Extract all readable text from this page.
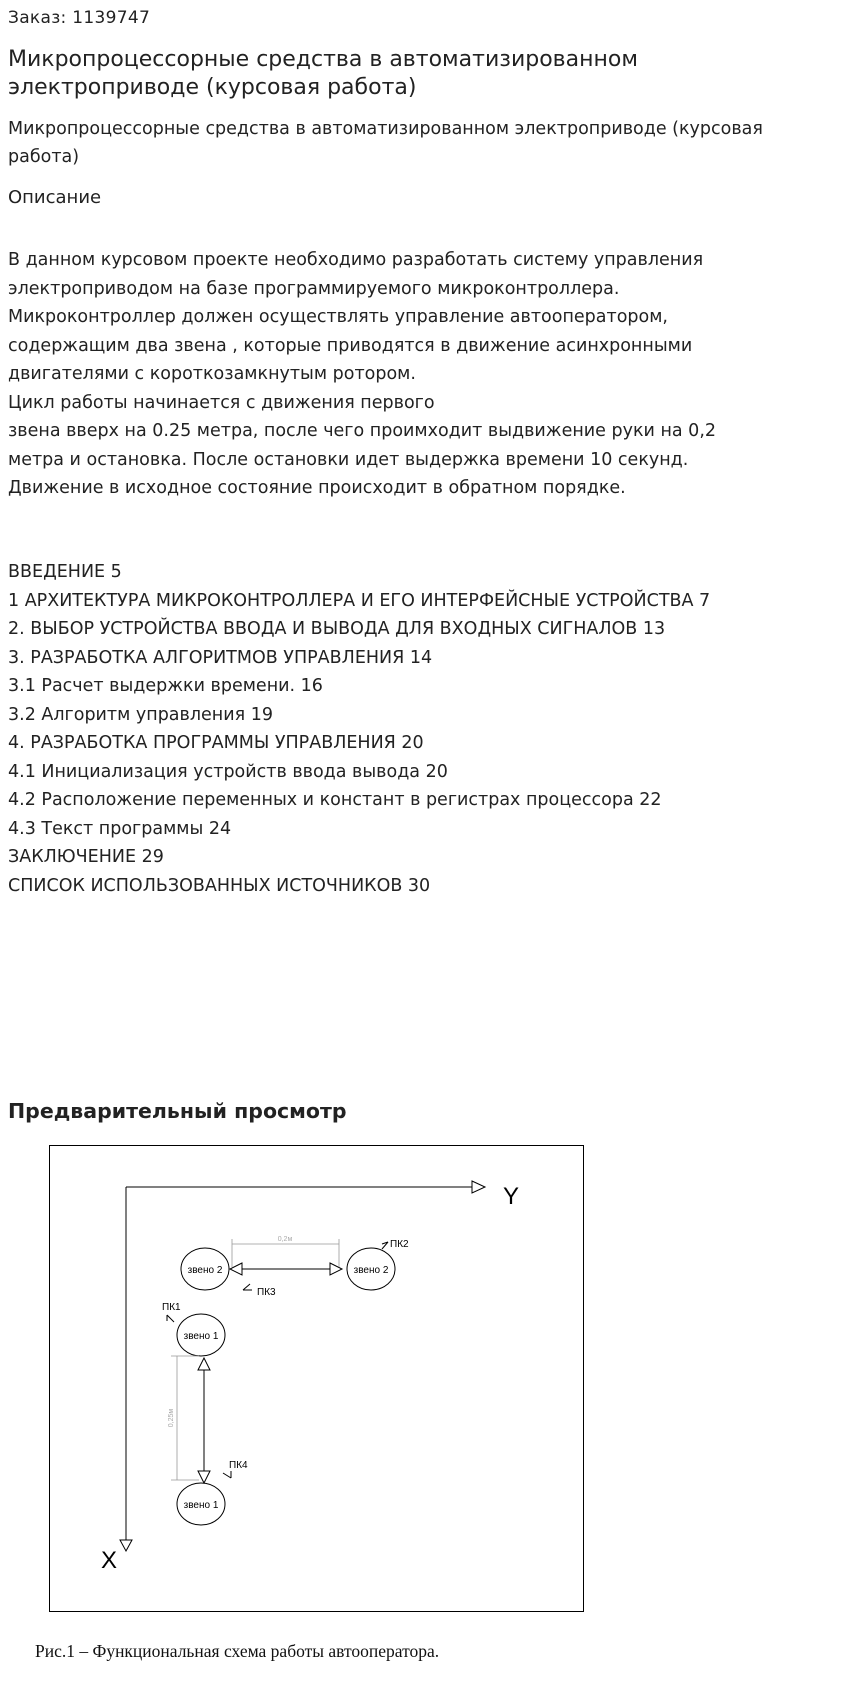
Заказ: 1139747
Микропроцессорные средства в автоматизированном электроприводе (курсовая работа)
Микропроцессорные средства в автоматизированном электроприводе (курсовая работа)
Описание
В данном курсовом проекте необходимо разработать систему управления
электроприводом на базе программируемого микроконтроллера.
Микроконтроллер должен осуществлять управление автооператором,
содержащим два звена , которые приводятся в движение асинхронными
двигателями с короткозамкнутым ротором.
Цикл работы начинается с движения первого
звена вверх на 0.25 метра, после чего проимходит выдвижение руки на 0,2
метра и остановка. После остановки идет выдержка времени 10 секунд.
Движение в исходное состояние происходит в обратном порядке.
ВВЕДЕНИЕ 5
1 АРХИТЕКТУРА МИКРОКОНТРОЛЛЕРА И ЕГО ИНТЕРФЕЙСНЫЕ УСТРОЙСТВА 7
2. ВЫБОР УСТРОЙСТВА ВВОДА И ВЫВОДА ДЛЯ ВХОДНЫХ СИГНАЛОВ 13
3. РАЗРАБОТКА АЛГОРИТМОВ УПРАВЛЕНИЯ 14
3.1 Расчет выдержки времени. 16
3.2 Алгоритм управления 19
4. РАЗРАБОТКА ПРОГРАММЫ УПРАВЛЕНИЯ 20
4.1 Инициализация устройств ввода вывода 20
4.2 Расположение переменных и констант в регистрах процессора 22
4.3 Текст программы 24
ЗАКЛЮЧЕНИЕ 29
СПИСОК ИСПОЛЬЗОВАННЫХ ИСТОЧНИКОВ 30
Предварительный просмотр
Y
X
звено 2	звено 2
0,2м	ПК2
ПК3
ПК1
звено 1
0,25м
ПК4
звено 1
Рис.1 – Функциональная схема работы автооператора.
